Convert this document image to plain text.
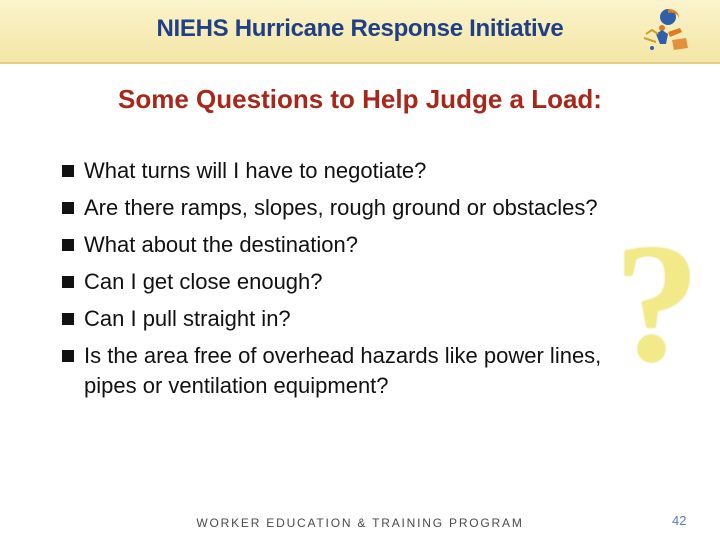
NIEHS Hurricane Response Initiative
Some Questions to Help Judge a Load:
What turns will I have to negotiate?
Are there ramps, slopes, rough ground or obstacles?
What about the destination?
Can I get close enough?
Can I pull straight in?
Is the area free of overhead hazards like power lines, pipes or ventilation equipment?	?
WORKER EDUCATION & TRAINING PROGRAM	42
